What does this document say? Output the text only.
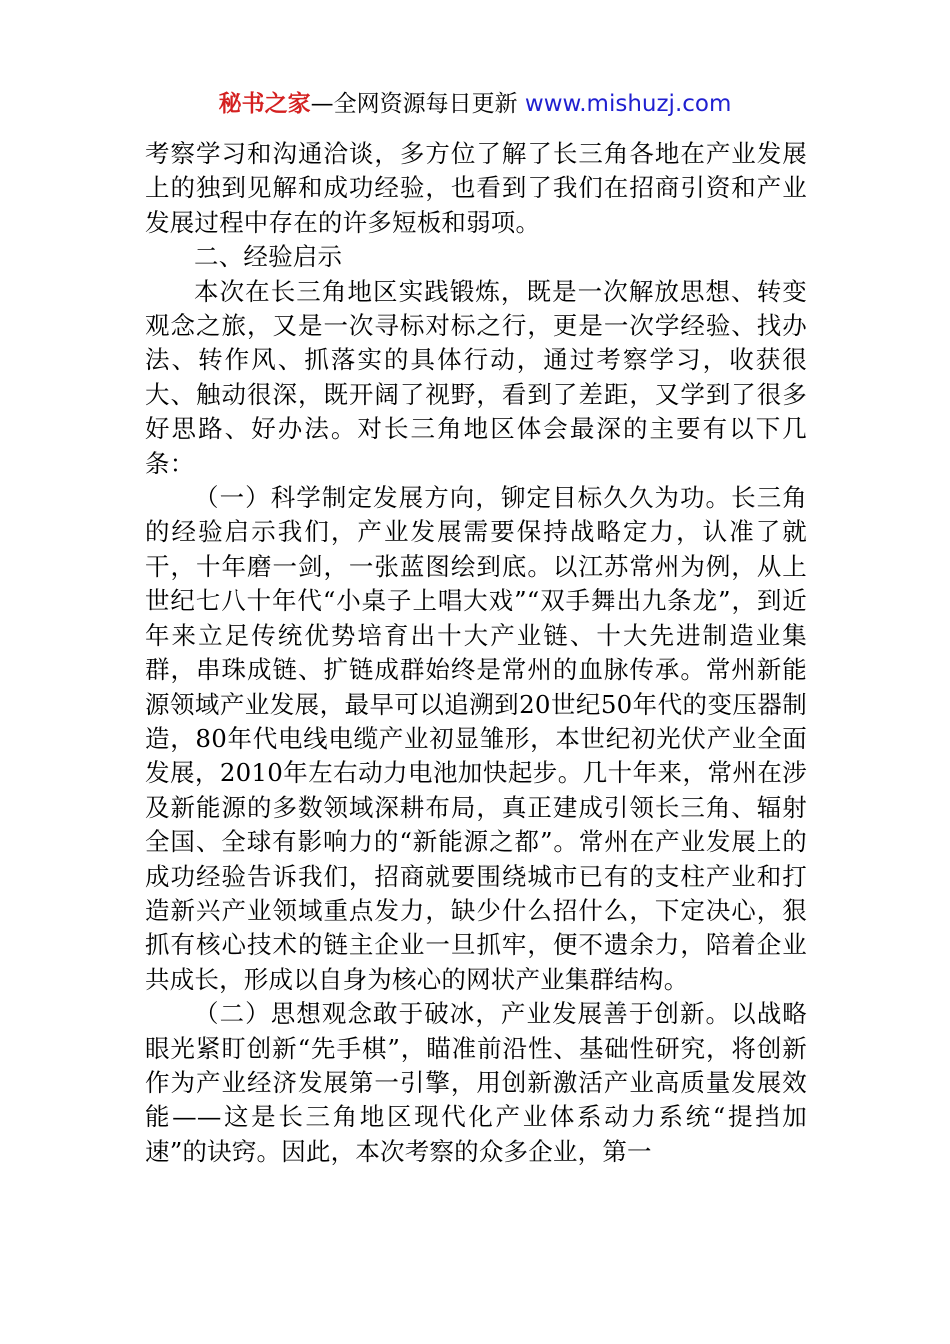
秘书之家—全网资源每日更新 www.mishuzj.com

考察学习和沟通洽谈，多方位了解了长三角各地在产业发展上的独到见解和成功经验，也看到了我们在招商引资和产业发展过程中存在的许多短板和弱项。

二、经验启示

本次在长三角地区实践锻炼，既是一次解放思想、转变观念之旅，又是一次寻标对标之行，更是一次学经验、找办法、转作风、抓落实的具体行动，通过考察学习，收获很大、触动很深，既开阔了视野，看到了差距，又学到了很多好思路、好办法。对长三角地区体会最深的主要有以下几条：

（一）科学制定发展方向，铆定目标久久为功。长三角的经验启示我们，产业发展需要保持战略定力，认准了就干，十年磨一剑，一张蓝图绘到底。以江苏常州为例，从上世纪七八十年代“小桌子上唱大戏”“双手舞出九条龙”，到近年来立足传统优势培育出十大产业链、十大先进制造业集群，串珠成链、扩链成群始终是常州的血脉传承。常州新能源领域产业发展，最早可以追溯到20世纪50年代的变压器制造，80年代电线电缆产业初显雏形，本世纪初光伏产业全面发展，2010年左右动力电池加快起步。几十年来，常州在涉及新能源的多数领域深耕布局，真正建成引领长三角、辐射全国、全球有影响力的“新能源之都”。常州在产业发展上的成功经验告诉我们，招商就要围绕城市已有的支柱产业和打造新兴产业领域重点发力，缺少什么招什么，下定决心，狠抓有核心技术的链主企业一旦抓牢，便不遗余力，陪着企业共成长，形成以自身为核心的网状产业集群结构。

（二）思想观念敢于破冰，产业发展善于创新。以战略眼光紧盯创新“先手棋”，瞄准前沿性、基础性研究，将创新作为产业经济发展第一引擎，用创新激活产业高质量发展效能——这是长三角地区现代化产业体系动力系统“提挡加速”的诀窍。因此，本次考察的众多企业，第一
